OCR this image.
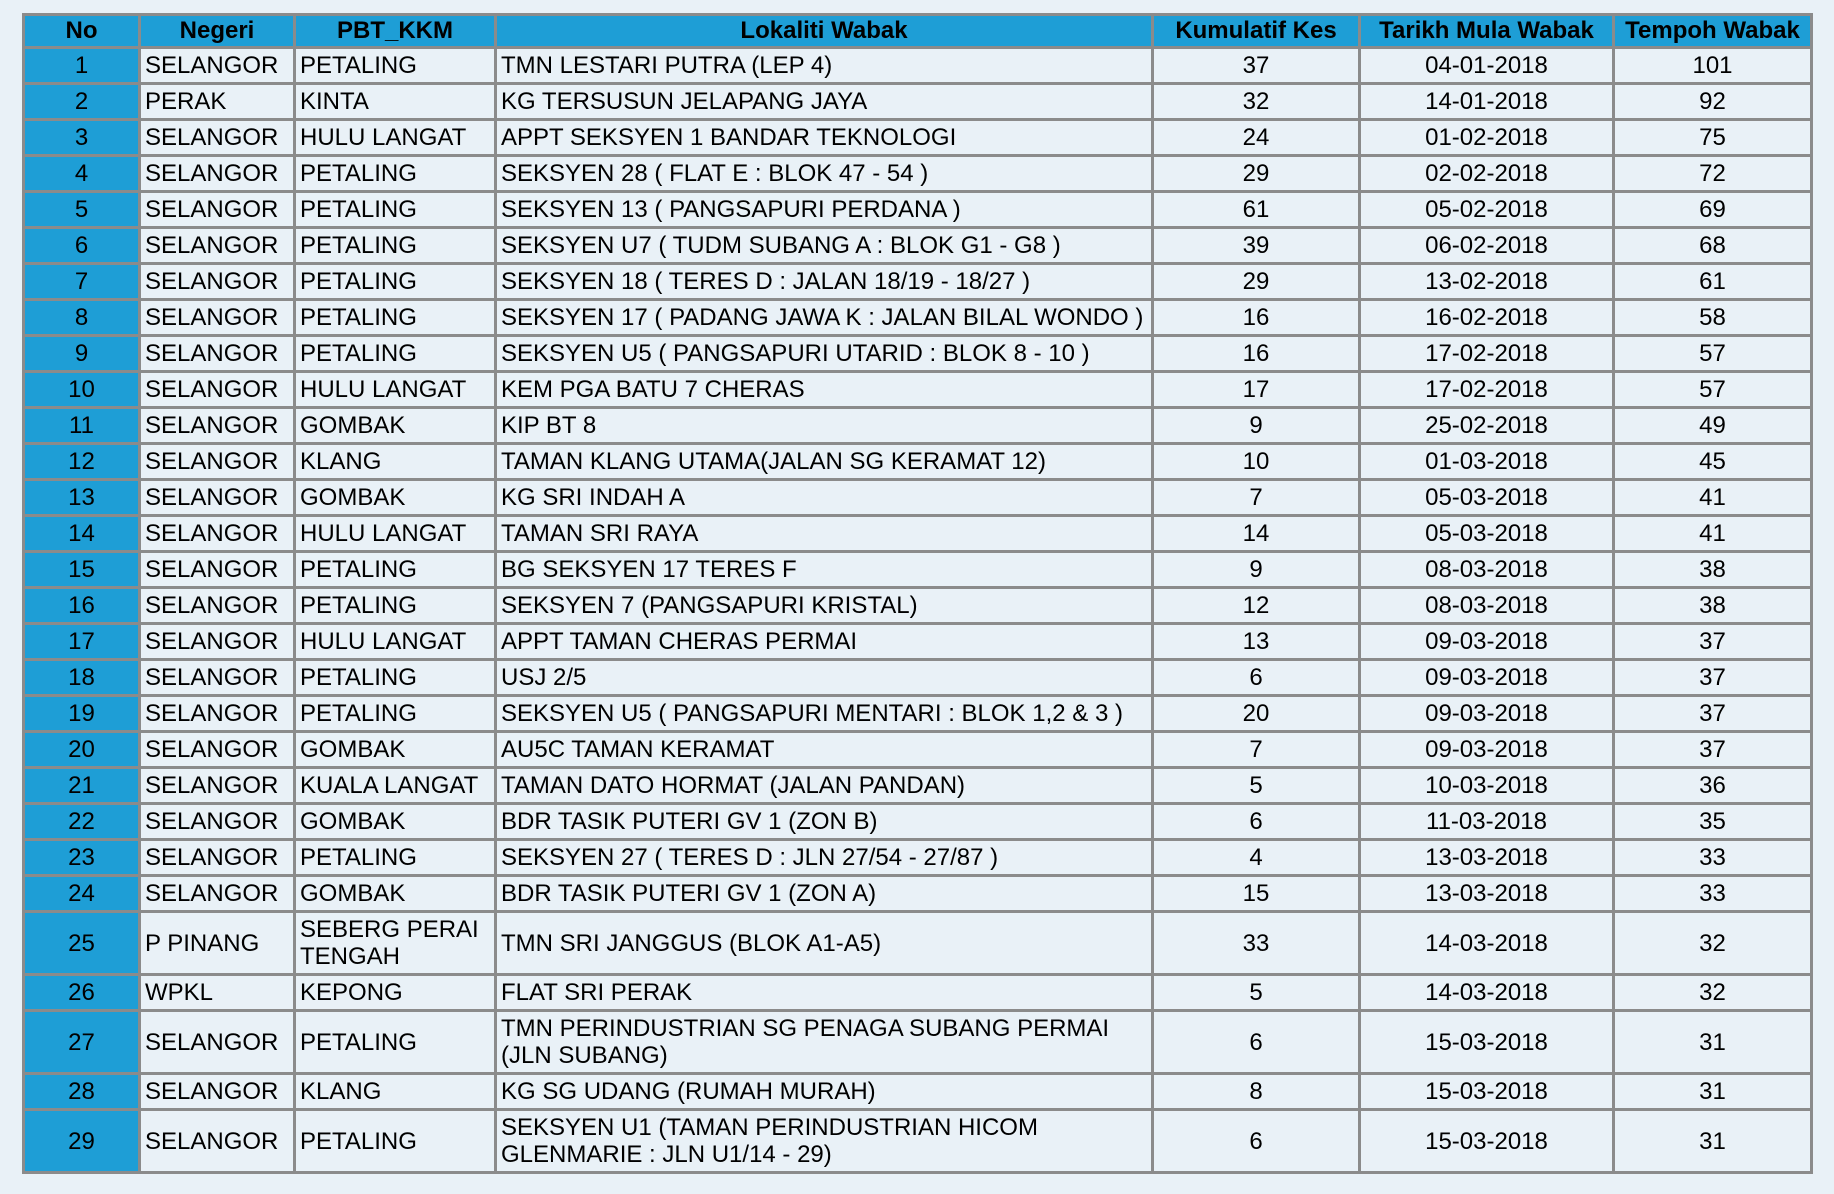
No	Negeri	PBT_KKM	Lokaliti Wabak	Kumulatif Kes	Tarikh Mula Wabak	Tempoh Wabak
1	SELANGOR	PETALING	TMN LESTARI PUTRA (LEP 4)	37	04-01-2018	101
2	PERAK	KINTA	KG TERSUSUN JELAPANG JAYA	32	14-01-2018	92
3	SELANGOR	HULU LANGAT	APPT SEKSYEN 1 BANDAR TEKNOLOGI	24	01-02-2018	75
4	SELANGOR	PETALING	SEKSYEN 28 ( FLAT E : BLOK 47 - 54 )	29	02-02-2018	72
5	SELANGOR	PETALING	SEKSYEN 13 ( PANGSAPURI PERDANA )	61	05-02-2018	69
6	SELANGOR	PETALING	SEKSYEN U7 ( TUDM SUBANG A : BLOK G1 - G8 )	39	06-02-2018	68
7	SELANGOR	PETALING	SEKSYEN 18 ( TERES D : JALAN 18/19 - 18/27 )	29	13-02-2018	61
8	SELANGOR	PETALING	SEKSYEN 17 ( PADANG JAWA K : JALAN BILAL WONDO )	16	16-02-2018	58
9	SELANGOR	PETALING	SEKSYEN U5 ( PANGSAPURI UTARID : BLOK 8 - 10 )	16	17-02-2018	57
10	SELANGOR	HULU LANGAT	KEM PGA BATU 7 CHERAS	17	17-02-2018	57
11	SELANGOR	GOMBAK	KIP BT 8	9	25-02-2018	49
12	SELANGOR	KLANG	TAMAN KLANG UTAMA(JALAN SG KERAMAT 12)	10	01-03-2018	45
13	SELANGOR	GOMBAK	KG SRI INDAH A	7	05-03-2018	41
14	SELANGOR	HULU LANGAT	TAMAN SRI RAYA	14	05-03-2018	41
15	SELANGOR	PETALING	BG SEKSYEN 17 TERES F	9	08-03-2018	38
16	SELANGOR	PETALING	SEKSYEN 7 (PANGSAPURI KRISTAL)	12	08-03-2018	38
17	SELANGOR	HULU LANGAT	APPT TAMAN CHERAS PERMAI	13	09-03-2018	37
18	SELANGOR	PETALING	USJ 2/5	6	09-03-2018	37
19	SELANGOR	PETALING	SEKSYEN U5 ( PANGSAPURI MENTARI : BLOK 1,2 & 3 )	20	09-03-2018	37
20	SELANGOR	GOMBAK	AU5C TAMAN KERAMAT	7	09-03-2018	37
21	SELANGOR	KUALA LANGAT	TAMAN DATO HORMAT (JALAN PANDAN)	5	10-03-2018	36
22	SELANGOR	GOMBAK	BDR TASIK PUTERI GV 1 (ZON B)	6	11-03-2018	35
23	SELANGOR	PETALING	SEKSYEN 27 ( TERES D : JLN 27/54 - 27/87 )	4	13-03-2018	33
24	SELANGOR	GOMBAK	BDR TASIK PUTERI GV 1 (ZON A)	15	13-03-2018	33
25	P PINANG	SEBERG PERAI TENGAH	TMN SRI JANGGUS (BLOK A1-A5)	33	14-03-2018	32
26	WPKL	KEPONG	FLAT SRI PERAK	5	14-03-2018	32
27	SELANGOR	PETALING	TMN PERINDUSTRIAN SG PENAGA SUBANG PERMAI (JLN SUBANG)	6	15-03-2018	31
28	SELANGOR	KLANG	KG SG UDANG (RUMAH MURAH)	8	15-03-2018	31
29	SELANGOR	PETALING	SEKSYEN U1 (TAMAN PERINDUSTRIAN HICOM GLENMARIE : JLN U1/14 - 29)	6	15-03-2018	31
